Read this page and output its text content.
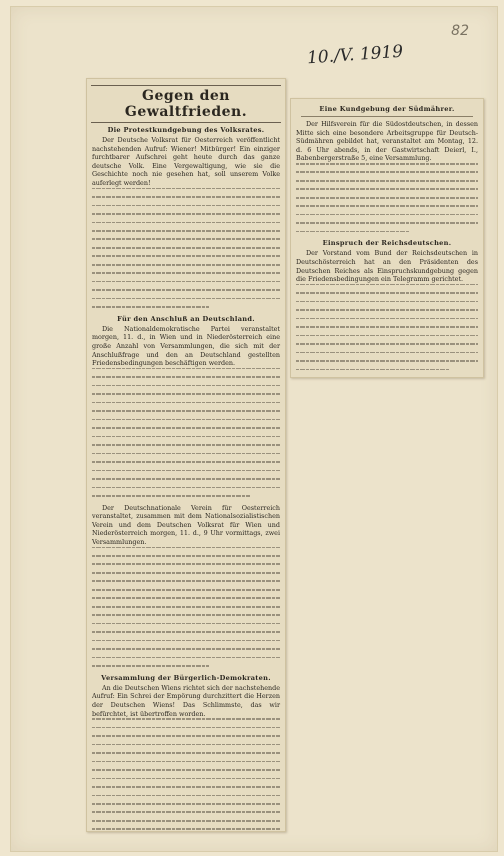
82
10./V. 1919
Gegen den Gewaltfrieden.
Die Protestkundgebung des Volksrates.
Der Deutsche Volksrat für Oesterreich veröffentlicht nachstehenden Aufruf: Wiener! Mitbürger! Ein einziger furchtbarer Aufschrei geht heute durch das ganze deutsche Volk. Eine Vergewaltigung, wie sie die Geschichte noch nie gesehen hat, soll unserem Volke auferlegt werden!
Für den Anschluß an Deutschland.
Die Nationaldemokratische Partei veranstaltet morgen, 11. d., in Wien und in Niederösterreich eine große Anzahl von Versammlungen, die sich mit der Anschlußfrage und den an Deutschland gestellten Friedensbedingungen beschäftigen werden.
Der Deutschnationale Verein für Oesterreich veranstaltet, zusammen mit dem Nationalsozialistischen Verein und dem Deutschen Volksrat für Wien und Niederösterreich morgen, 11. d., 9 Uhr vormittags, zwei Versammlungen.
Versammlung der Bürgerlich-Demokraten.
An die Deutschen Wiens richtet sich der nachstehende Aufruf: Ein Schrei der Empörung durchzittert die Herzen der Deutschen Wiens! Das Schlimmste, das wir befürchtet, ist übertroffen worden.
Eine Kundgebung der Südmährer.
Der Hilfsverein für die Südostdeutschen, in dessen Mitte sich eine besondere Arbeitsgruppe für Deutsch-Südmähren gebildet hat, veranstaltet am Montag, 12. d. 6 Uhr abends, in der Gastwirtschaft Deierl, I., Babenbergerstraße 5, eine Versammlung.
Einspruch der Reichsdeutschen.
Der Vorstand vom Bund der Reichsdeutschen in Deutschösterreich hat an den Präsidenten des Deutschen Reiches als Einspruchskundgebung gegen die Friedensbedingungen ein Telegramm gerichtet.
